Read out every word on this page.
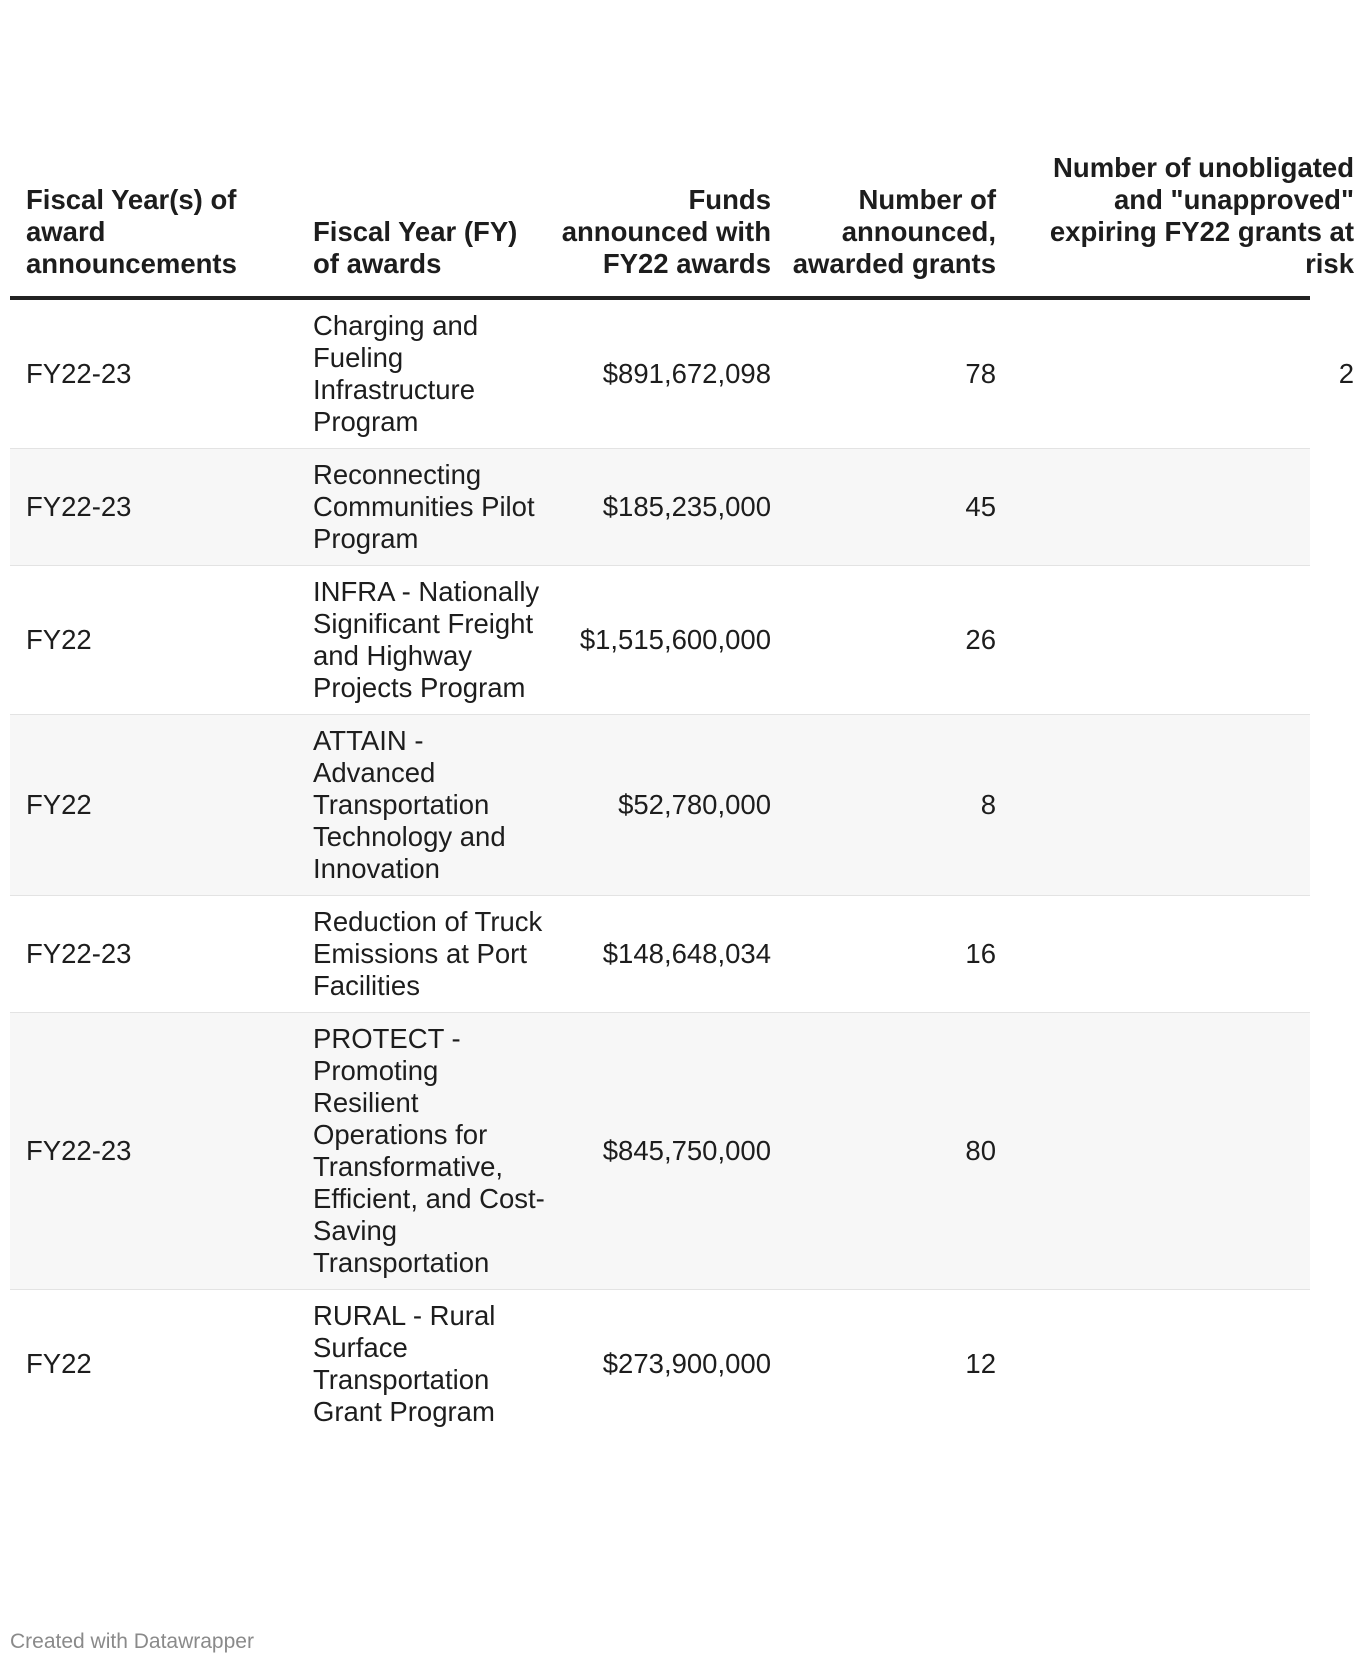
Fiscal Year(s) of award announcements	Fiscal Year (FY) of awards	Funds announced with FY22 awards	Number of announced, awarded grants	Number of unobligated and "unapproved" expiring FY22 grants at risk

FY22-23	Charging and Fueling Infrastructure Program	$891,672,098	78	2

FY22-23	Reconnecting Communities Pilot Program	$185,235,000	45	

FY22	INFRA - Nationally Significant Freight and Highway Projects Program	$1,515,600,000	26	

FY22	ATTAIN - Advanced Transportation Technology and Innovation	$52,780,000	8	

FY22-23	Reduction of Truck Emissions at Port Facilities	$148,648,034	16	

FY22-23	PROTECT - Promoting Resilient Operations for Transformative, Efficient, and Cost-Saving Transportation	$845,750,000	80	

FY22	RURAL - Rural Surface Transportation Grant Program	$273,900,000	12	
Created with Datawrapper
